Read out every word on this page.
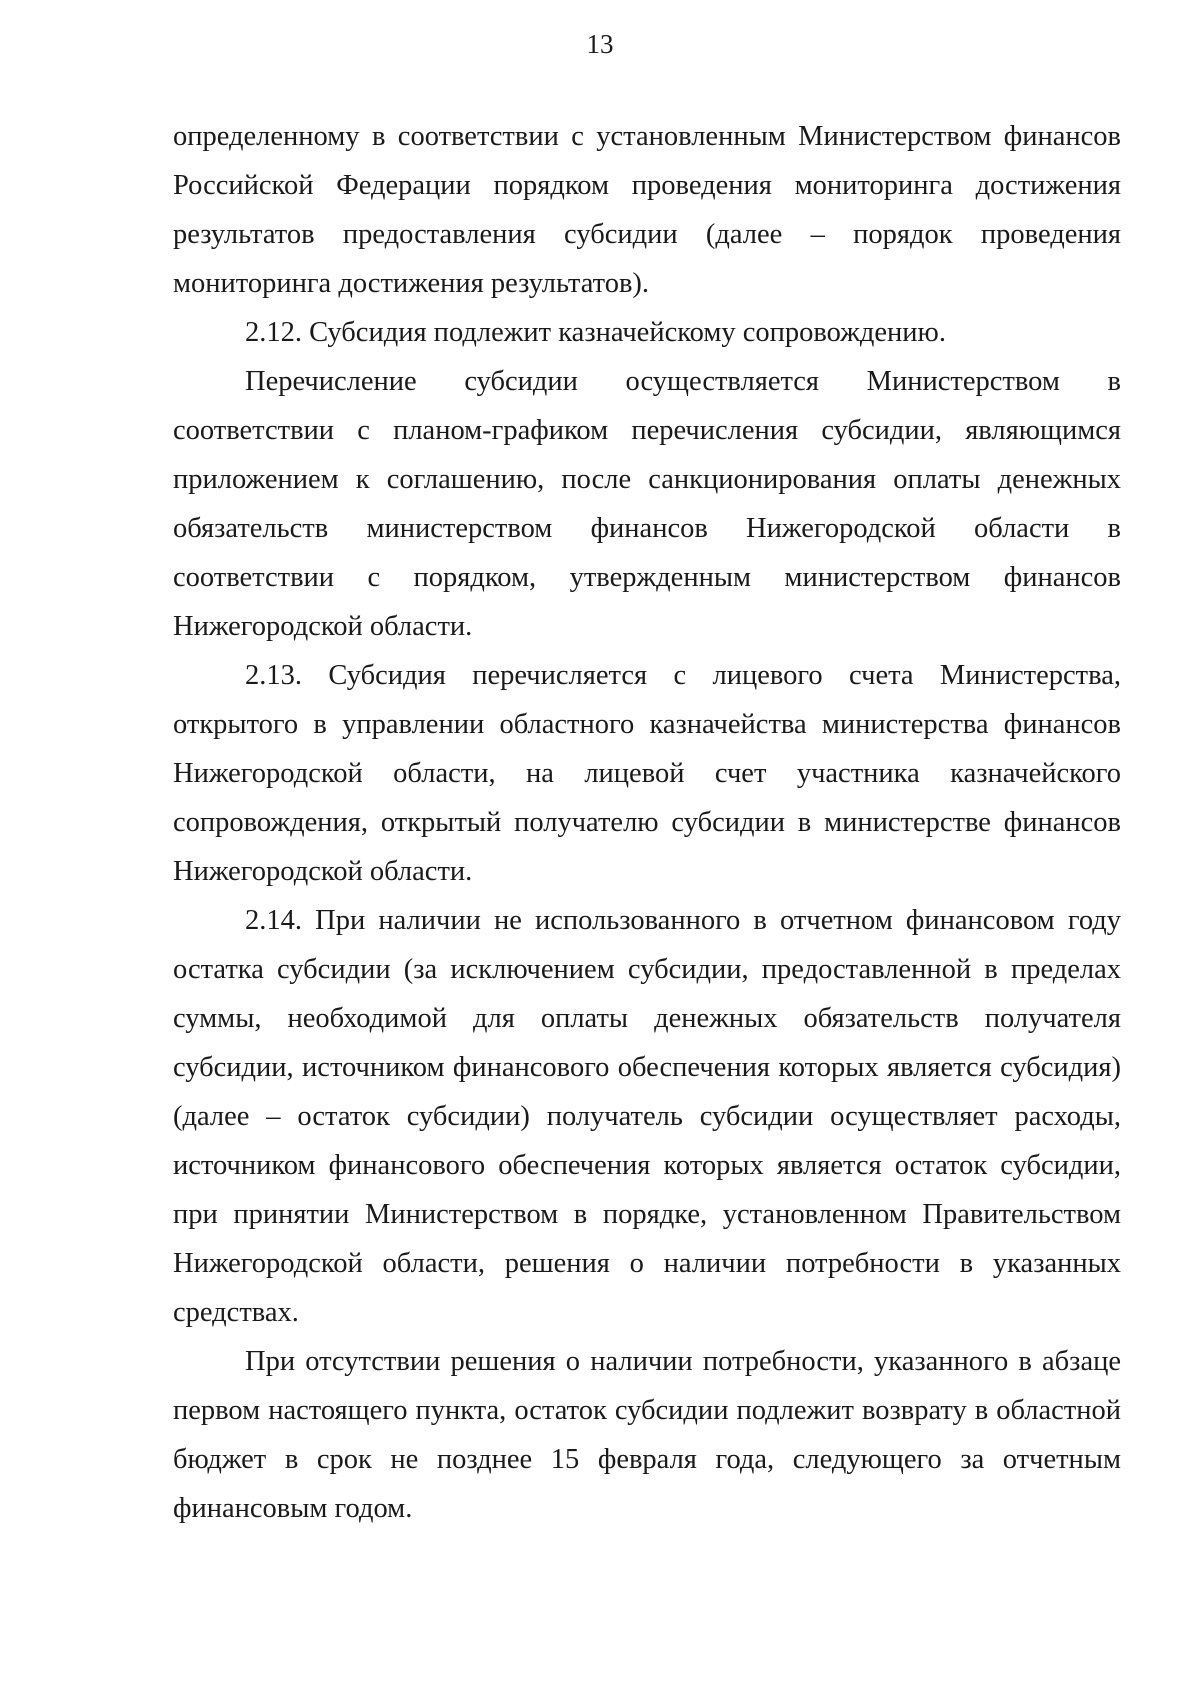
13

определенному в соответствии с установленным Министерством финансов Российской Федерации порядком проведения мониторинга достижения результатов предоставления субсидии (далее – порядок проведения мониторинга достижения результатов).

2.12. Субсидия подлежит казначейскому сопровождению.

Перечисление субсидии осуществляется Министерством в соответствии с планом-графиком перечисления субсидии, являющимся приложением к соглашению, после санкционирования оплаты денежных обязательств министерством финансов Нижегородской области в соответствии с порядком, утвержденным министерством финансов Нижегородской области.

2.13. Субсидия перечисляется с лицевого счета Министерства, открытого в управлении областного казначейства министерства финансов Нижегородской области, на лицевой счет участника казначейского сопровождения, открытый получателю субсидии в министерстве финансов Нижегородской области.

2.14. При наличии не использованного в отчетном финансовом году остатка субсидии (за исключением субсидии, предоставленной в пределах суммы, необходимой для оплаты денежных обязательств получателя субсидии, источником финансового обеспечения которых является субсидия) (далее – остаток субсидии) получатель субсидии осуществляет расходы, источником финансового обеспечения которых является остаток субсидии, при принятии Министерством в порядке, установленном Правительством Нижегородской области, решения о наличии потребности в указанных средствах.

При отсутствии решения о наличии потребности, указанного в абзаце первом настоящего пункта, остаток субсидии подлежит возврату в областной бюджет в срок не позднее 15 февраля года, следующего за отчетным финансовым годом.
